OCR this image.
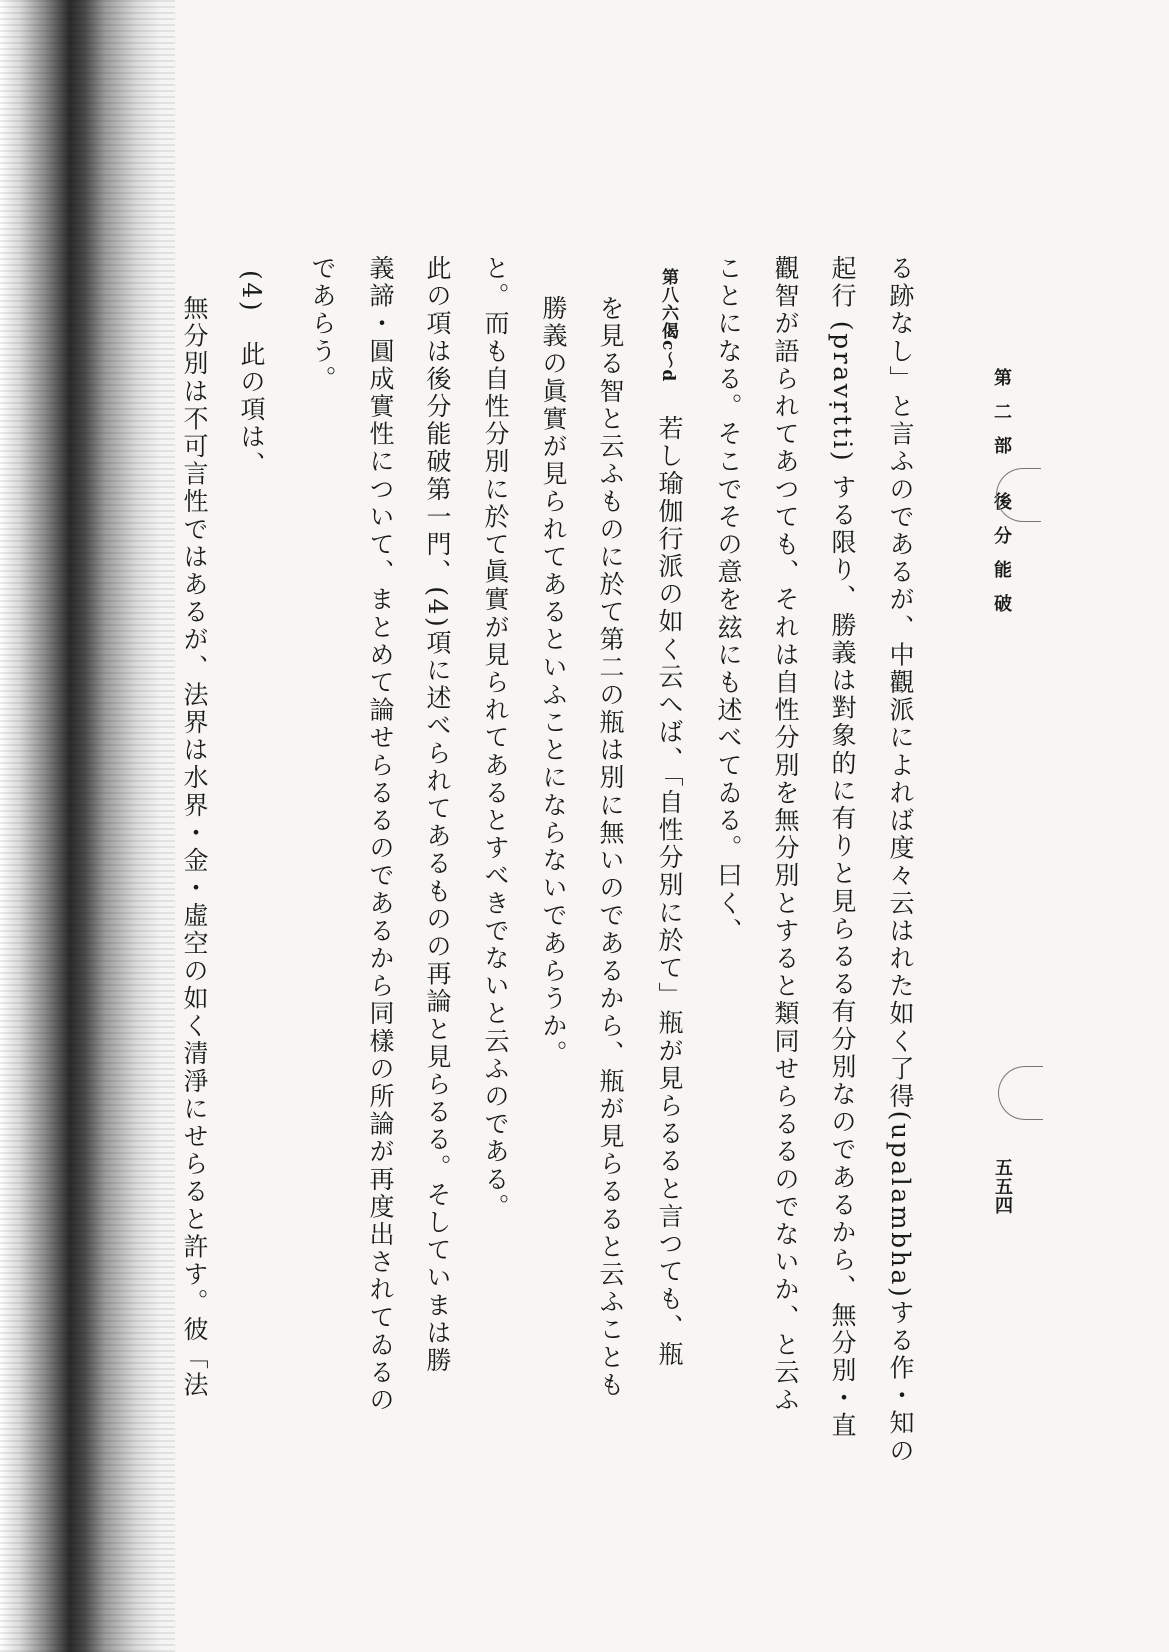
第二部 後分能破
五五四
る跡なし」と言ふのであるが、中觀派によれば度々云はれた如く了得(upalambha)する作・知の
起行 (pravṛtti) する限り、勝義は對象的に有りと見らるる有分別なのであるから、無分別・直
觀智が語られてあつても、それは自性分別を無分別とすると類同せらるるのでないか、と云ふ
ことになる。そこでその意を玆にも述べてゐる。曰く、
第八六偈c～d
若し瑜伽行派の如く云へば、「自性分別に於て」瓶が見らるると言つても、瓶
を見る智と云ふものに於て第二の瓶は別に無いのであるから、瓶が見らるると云ふことも
勝義の眞實が見られてあるといふことにならないであらうか。
と。而も自性分別に於て眞實が見られてあるとすべきでないと云ふのである。
此の項は後分能破第一門、(4)項に述べられてあるものの再論と見らるる。そしていまは勝
義諦・圓成實性について、まとめて論せらるるのであるから同樣の所論が再度出されてゐるの
であらう。
(4)　此の項は、
無分別は不可言性ではあるが、法界は水界・金・虛空の如く清淨にせらると許す。彼「法
